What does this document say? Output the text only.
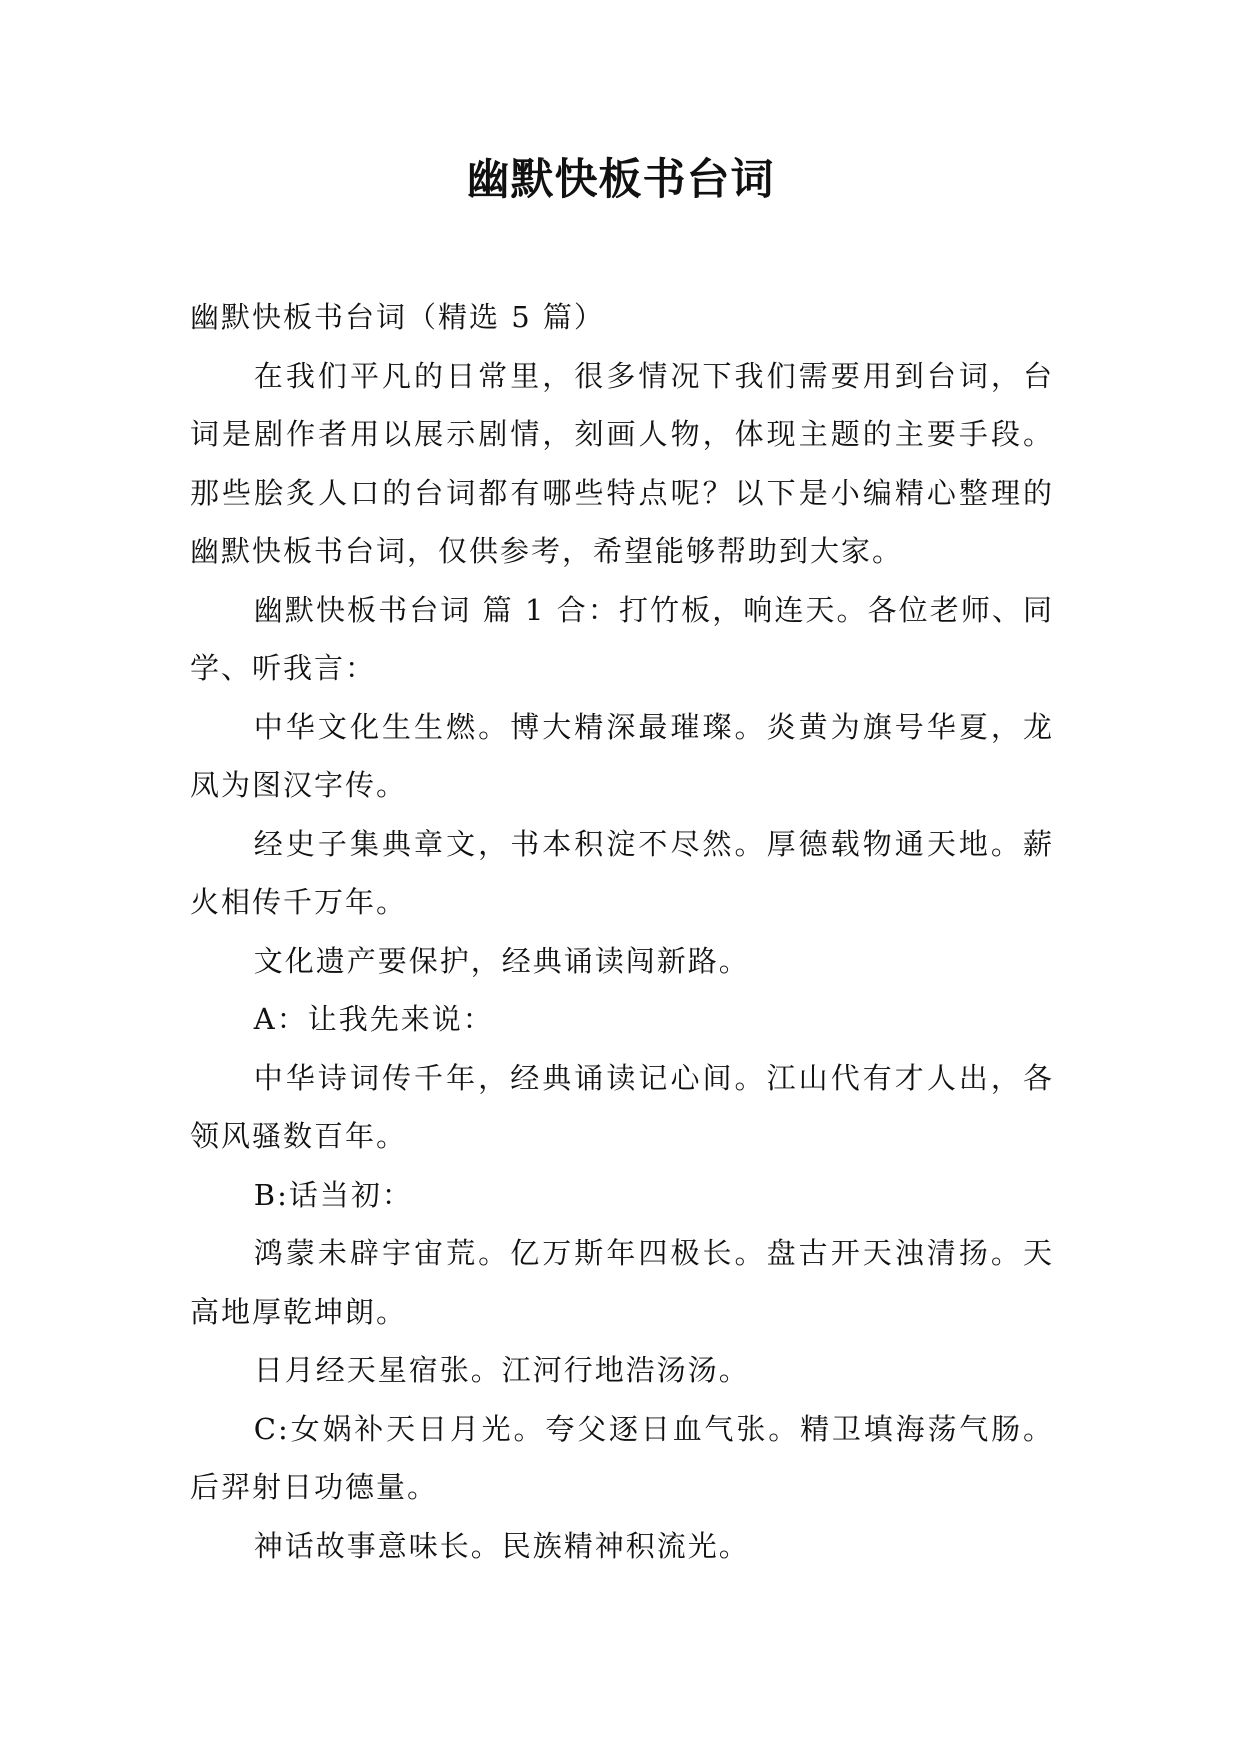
幽默快板书台词

幽默快板书台词（精选 5 篇）

在我们平凡的日常里，很多情况下我们需要用到台词，台词是剧作者用以展示剧情，刻画人物，体现主题的主要手段。那些脍炙人口的台词都有哪些特点呢？以下是小编精心整理的幽默快板书台词，仅供参考，希望能够帮助到大家。

幽默快板书台词 篇 1 合：打竹板，响连天。各位老师、同学、听我言：

中华文化生生燃。博大精深最璀璨。炎黄为旗号华夏，龙凤为图汉字传。

经史子集典章文，书本积淀不尽然。厚德载物通天地。薪火相传千万年。

文化遗产要保护，经典诵读闯新路。

A：让我先来说：

中华诗词传千年，经典诵读记心间。江山代有才人出，各领风骚数百年。

B:话当初：

鸿蒙未辟宇宙荒。亿万斯年四极长。盘古开天浊清扬。天高地厚乾坤朗。

日月经天星宿张。江河行地浩汤汤。

C:女娲补天日月光。夸父逐日血气张。精卫填海荡气肠。后羿射日功德量。

神话故事意味长。民族精神积流光。
